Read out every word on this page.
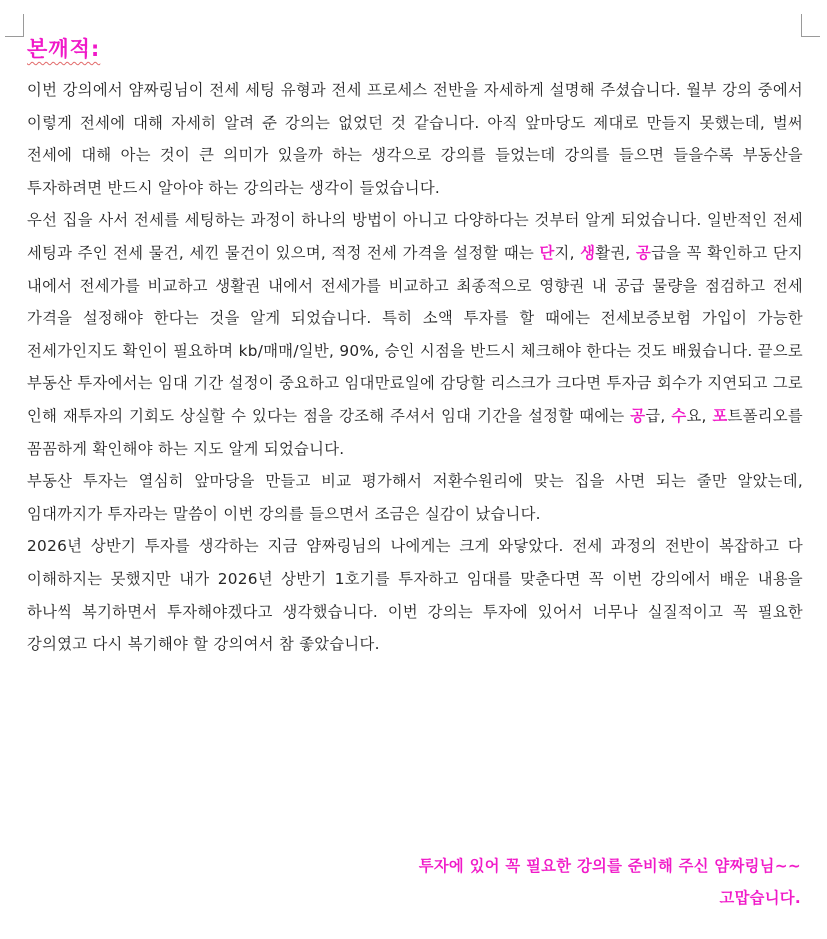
본깨적:

이번 강의에서 얌짜링님이 전세 세팅 유형과 전세 프로세스 전반을 자세하게 설명해 주셨습니다. 월부 강의 중에서 이렇게 전세에 대해 자세히 알려 준 강의는 없었던 것 같습니다. 아직 앞마당도 제대로 만들지 못했는데, 벌써 전세에 대해 아는 것이 큰 의미가 있을까 하는 생각으로 강의를 들었는데 강의를 들으면 들을수록 부동산을 투자하려면 반드시 알아야 하는 강의라는 생각이 들었습니다.

우선 집을 사서 전세를 세팅하는 과정이 하나의 방법이 아니고 다양하다는 것부터 알게 되었습니다. 일반적인 전세 세팅과 주인 전세 물건, 세낀 물건이 있으며, 적정 전세 가격을 설정할 때는 단지, 생활권, 공급을 꼭 확인하고 단지 내에서 전세가를 비교하고 생활권 내에서 전세가를 비교하고 최종적으로 영향권 내 공급 물량을 점검하고 전세 가격을 설정해야 한다는 것을 알게 되었습니다. 특히 소액 투자를 할 때에는 전세보증보험 가입이 가능한 전세가인지도 확인이 필요하며 kb/매매/일반, 90%, 승인 시점을 반드시 체크해야 한다는 것도 배웠습니다. 끝으로 부동산 투자에서는 임대 기간 설정이 중요하고 임대만료일에 감당할 리스크가 크다면 투자금 회수가 지연되고 그로 인해 재투자의 기회도 상실할 수 있다는 점을 강조해 주셔서 임대 기간을 설정할 때에는 공급, 수요, 포트폴리오를 꼼꼼하게 확인해야 하는 지도 알게 되었습니다.

부동산 투자는 열심히 앞마당을 만들고 비교 평가해서 저환수원리에 맞는 집을 사면 되는 줄만 알았는데, 임대까지가 투자라는 말씀이 이번 강의를 들으면서 조금은 실감이 났습니다.

2026년 상반기 투자를 생각하는 지금 얌짜링님의 나에게는 크게 와닿았다. 전세 과정의 전반이 복잡하고 다 이해하지는 못했지만 내가 2026년 상반기 1호기를 투자하고 임대를 맞춘다면 꼭 이번 강의에서 배운 내용을 하나씩 복기하면서 투자해야겠다고 생각했습니다. 이번 강의는 투자에 있어서 너무나 실질적이고 꼭 필요한 강의였고 다시 복기해야 할 강의여서 참 좋았습니다.

투자에 있어 꼭 필요한 강의를 준비해 주신 얌짜링님~~
고맙습니다.
